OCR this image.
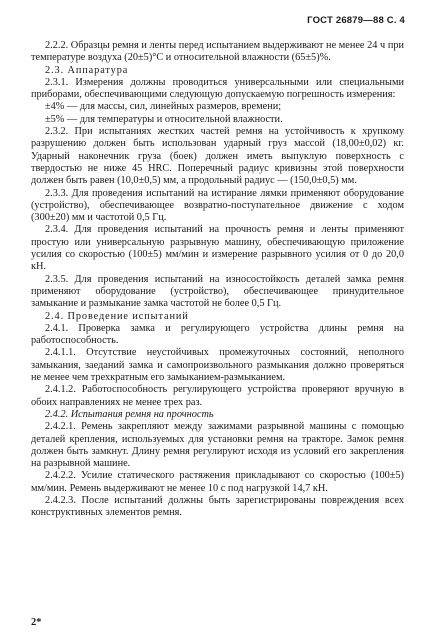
ГОСТ 26879—88 С. 4

2.2.2. Образцы ремня и ленты перед испытанием выдерживают не менее 24 ч при температуре воздуха (20±5)°С и относительной влажности (65±5)%.

2.3. Аппаратура

2.3.1. Измерения должны проводиться универсальными или специальными приборами, обеспечивающими следующую допускаемую погрешность измерения:

±4% — для массы, сил, линейных размеров, времени;

±5% — для температуры и относительной влажности.

2.3.2. При испытаниях жестких частей ремня на устойчивость к хрупкому разрушению должен быть использован ударный груз массой (18,00±0,02) кг. Ударный наконечник груза (боек) должен иметь выпуклую поверхность с твердостью не ниже 45 HRC. Поперечный радиус кривизны этой поверхности должен быть равен (10,0±0,5) мм, а продольный радиус — (150,0±0,5) мм.

2.3.3. Для проведения испытаний на истирание лямки применяют оборудование (устройство), обеспечивающее возвратно-поступательное движение с ходом (300±20) мм и частотой 0,5 Гц.

2.3.4. Для проведения испытаний на прочность ремня и ленты применяют простую или универсальную разрывную машину, обеспечивающую приложение усилия со скоростью (100±5) мм/мин и измерение разрывного усилия от 0 до 20,0 кН.

2.3.5. Для проведения испытаний на износостойкость деталей замка ремня применяют оборудование (устройство), обеспечивающее принудительное замыкание и размыкание замка частотой не более 0,5 Гц.

2.4. Проведение испытаний

2.4.1. Проверка замка и регулирующего устройства длины ремня на работоспособность.

2.4.1.1. Отсутствие неустойчивых промежуточных состояний, неполного замыкания, заеданий замка и самопроизвольного размыкания должно проверяться не менее чем трехкратным его замыканием-размыканием.

2.4.1.2. Работоспособность регулирующего устройства проверяют вручную в обоих направлениях не менее трех раз.

2.4.2. Испытания ремня на прочность

2.4.2.1. Ремень закрепляют между зажимами разрывной машины с помощью деталей крепления, используемых для установки ремня на тракторе. Замок ремня должен быть замкнут. Длину ремня регулируют исходя из условий его закрепления на разрывной машине.

2.4.2.2. Усилие статического растяжения прикладывают со скоростью (100±5) мм/мин. Ремень выдерживают не менее 10 с под нагрузкой 14,7 кН.

2.4.2.3. После испытаний должны быть зарегистрированы повреждения всех конструктивных элементов ремня.

2*
